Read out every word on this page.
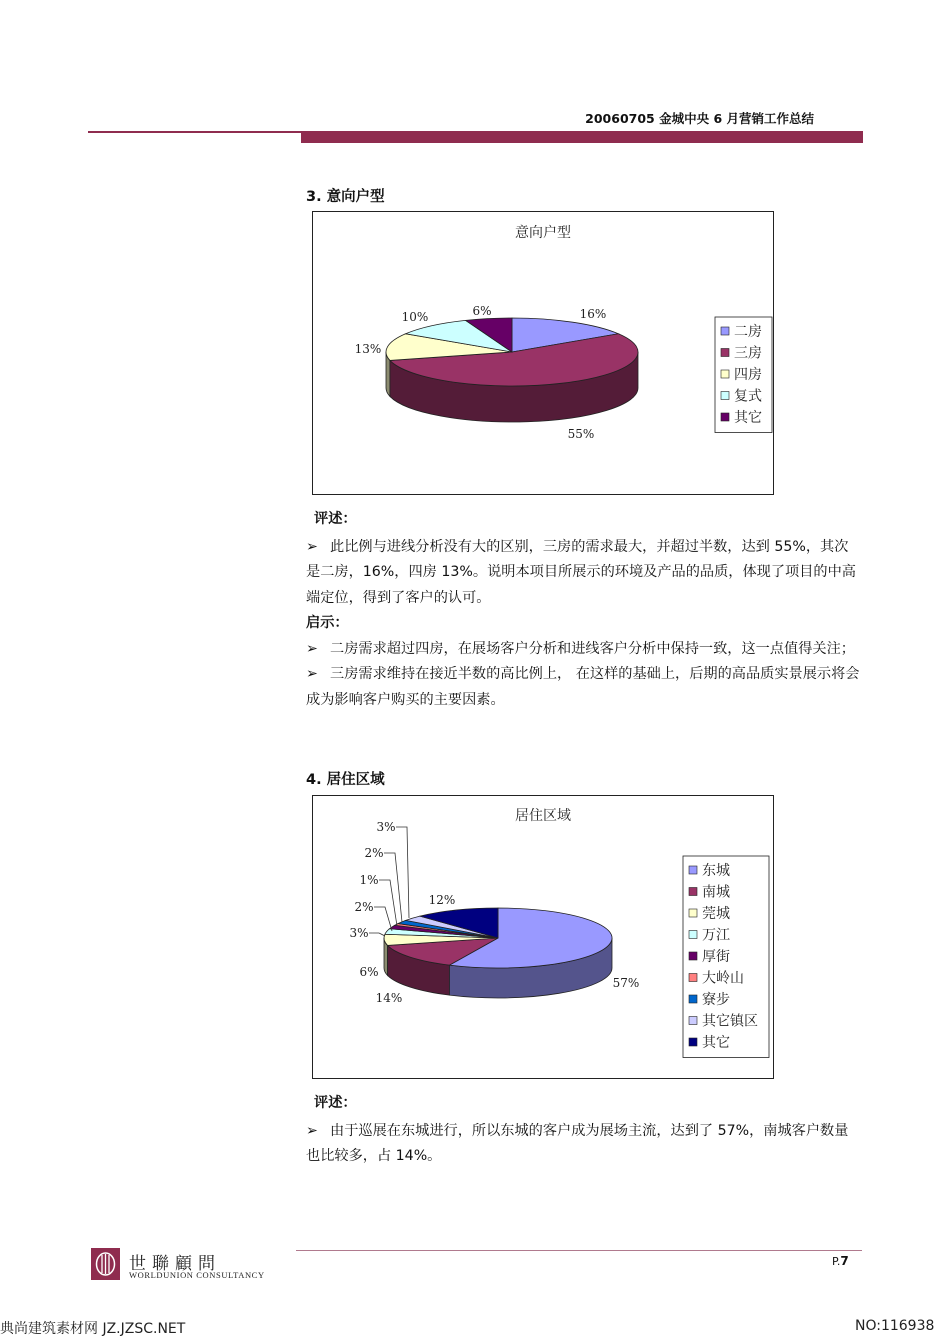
20060705 金城中央 6 月营销工作总结
3. 意向户型
意向户型
16%
55%
13%
10%	6%
二房
三房
四房
复式
其它

评述：

➢ 此比例与进线分析没有大的区别，三房的需求最大，并超过半数，达到 55%，其次是二房，16%，四房 13%。说明本项目所展示的环境及产品的品质，体现了项目的中高端定位，得到了客户的认可。

启示：

➢ 二房需求超过四房，在展场客户分析和进线客户分析中保持一致，这一点值得关注；

➢ 三房需求维持在接近半数的高比例上， 在这样的基础上，后期的高品质实景展示将会成为影响客户购买的主要因素。

4. 居住区域
居住区域
57%
14%
6%
3%
2%
1%
2%
3%
12%
东城
南城
莞城
万江
厚街
大岭山
寮步
其它镇区
其它

评述：

➢ 由于巡展在东城进行，所以东城的客户成为展场主流，达到了 57%，南城客户数量也比较多，占 14%。

世聯顧問
WORLDUNION CONSULTANCY
P.7
典尚建筑素材网 JZ.JZSC.NET	NO:116938
